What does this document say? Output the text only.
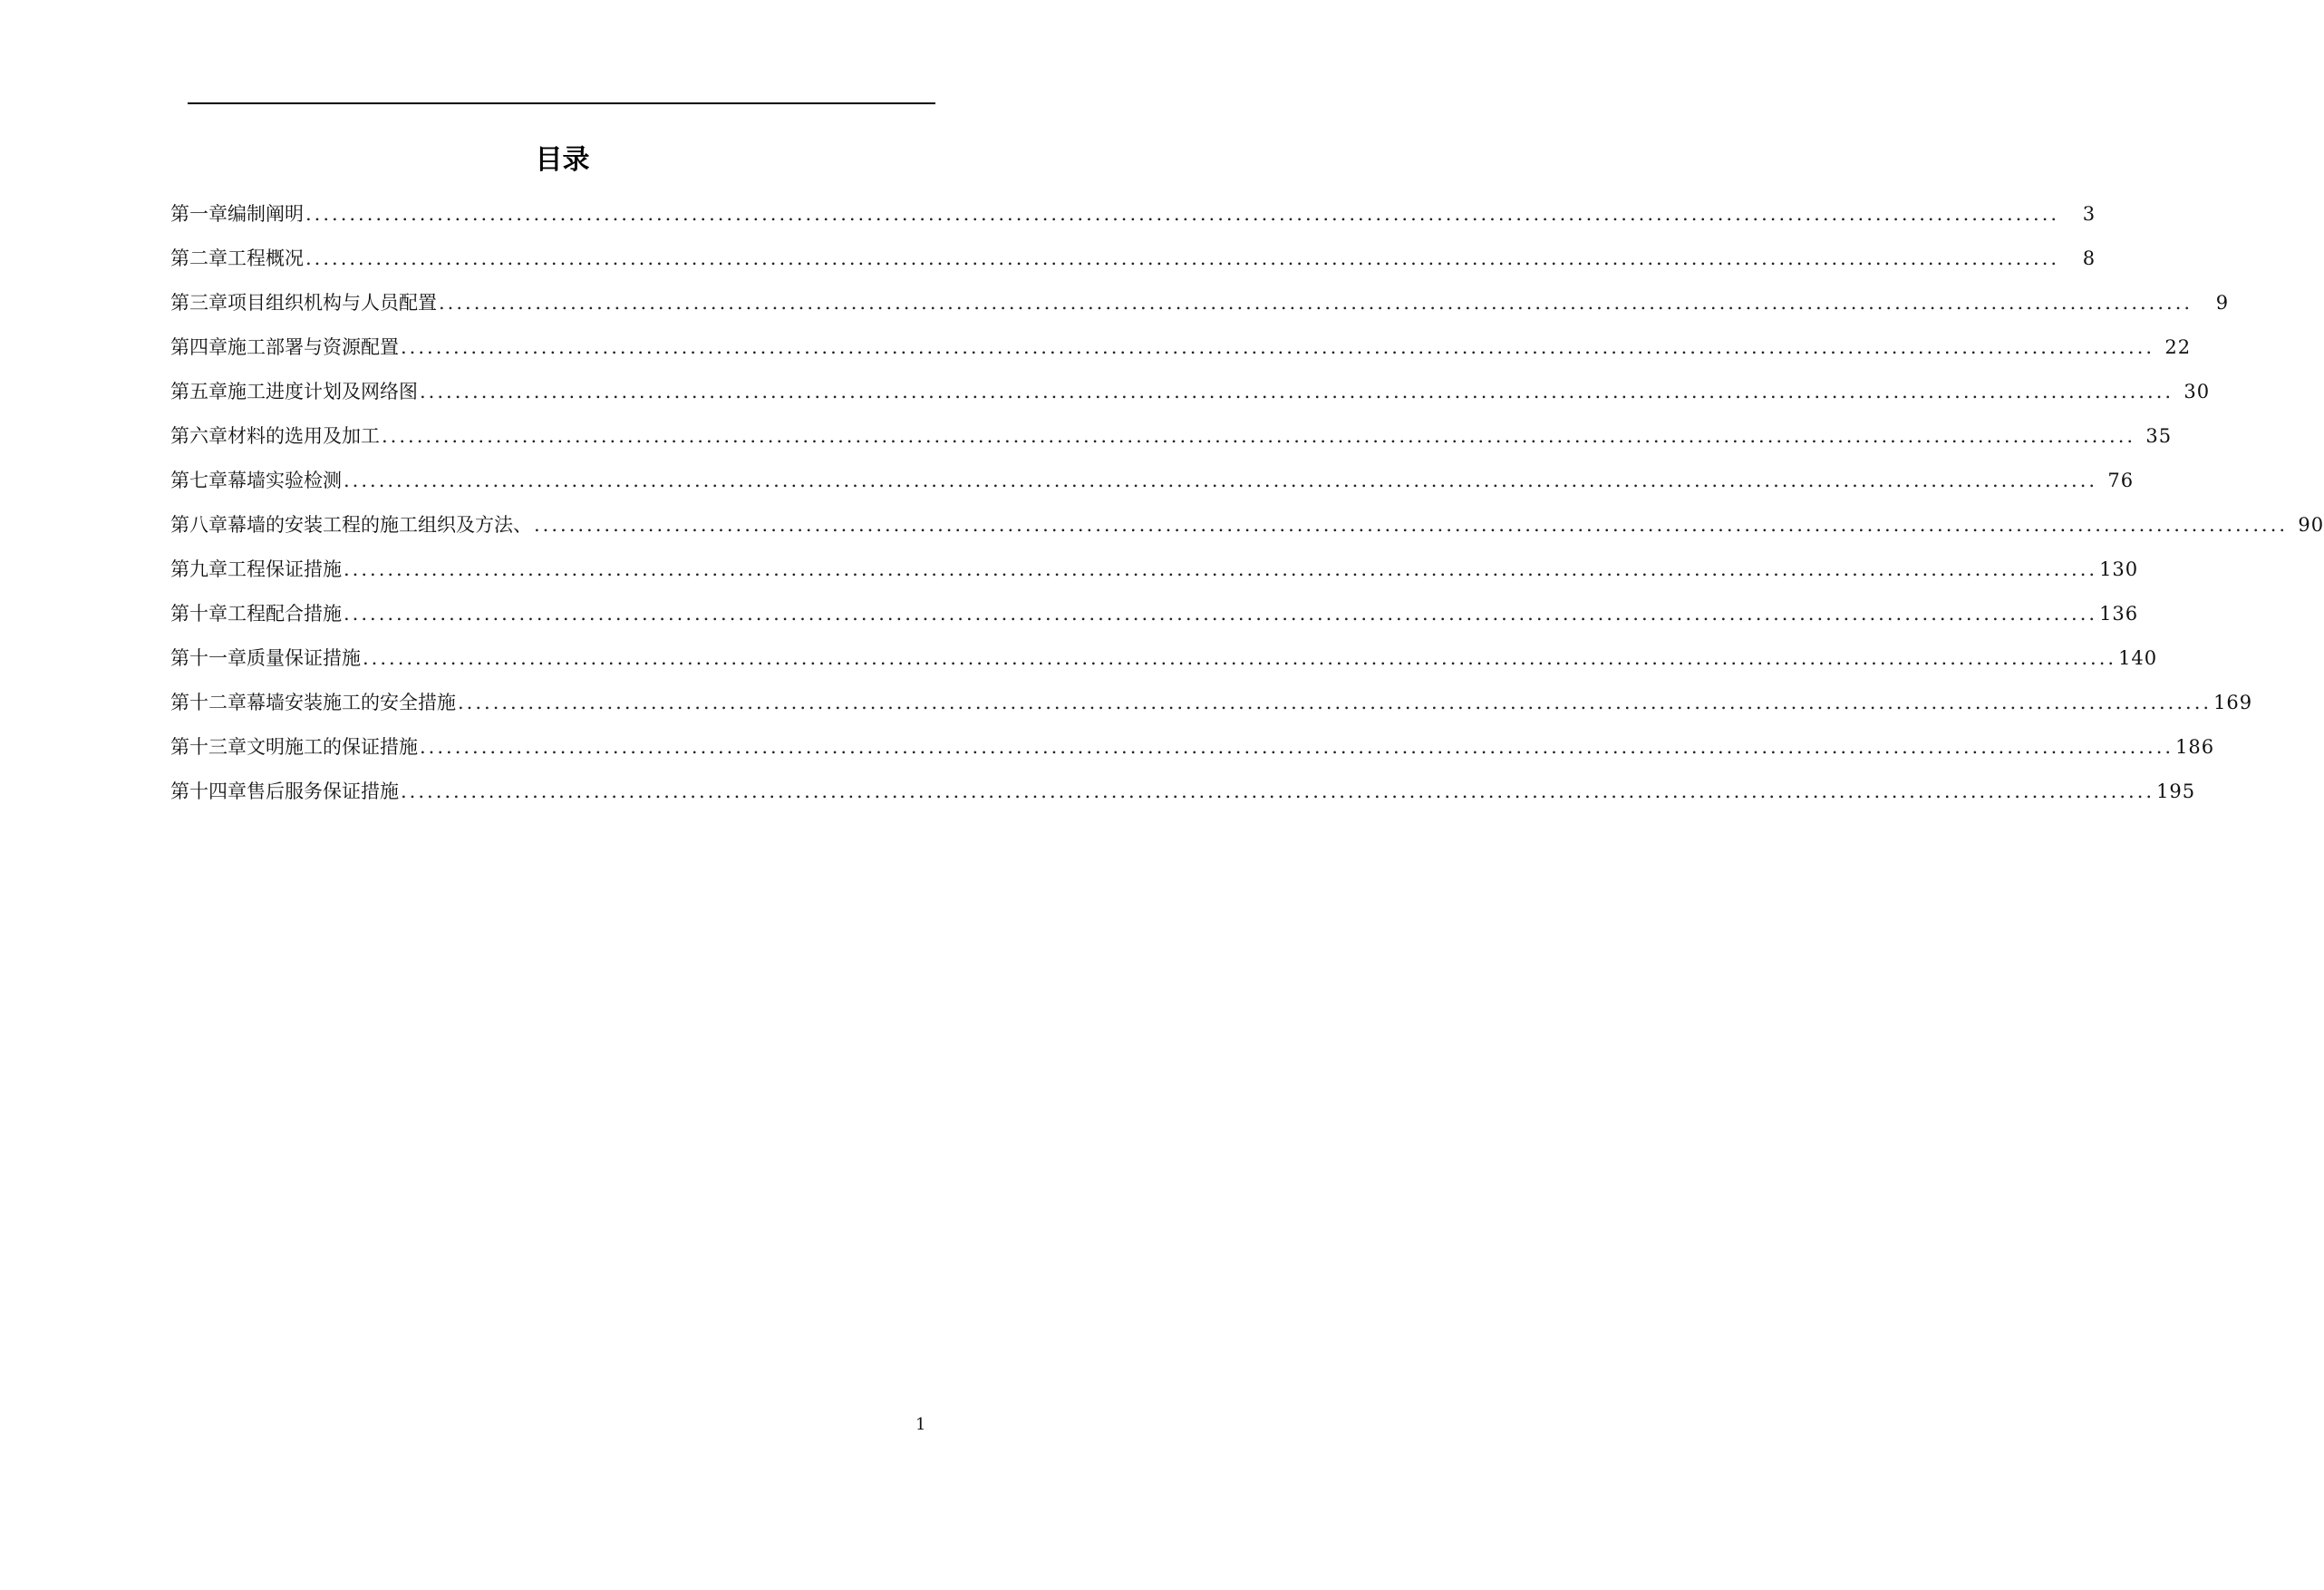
目录
第一章 编制阐明 ........................................................................................................................................................................................................	3
第二章 工程概况 ........................................................................................................................................................................................................	8
第三章 项目组织机构与人员配置 ........................................................................................................................................................................................................	9
第四章 施工部署与资源配置 ........................................................................................................................................................................................................ 22
第五章 施工进度计划及网络图 ........................................................................................................................................................................................................ 30
第六章 材料的选用及加工 ........................................................................................................................................................................................................ 35
第七章 幕墙实验检测 ........................................................................................................................................................................................................ 76
第八章 幕墙的安装工程的施工组织及方法、 ........................................................................................................................................................................................................ 90
第九章 工程保证措施 ........................................................................................................................................................................................................ 130
第十章 工程配合措施 ........................................................................................................................................................................................................ 136
第十一章 质量保证措施 ........................................................................................................................................................................................................ 140
第十二章 幕墙安装施工的安全措施 ........................................................................................................................................................................................................ 169
第十三章 文明施工的保证措施 ........................................................................................................................................................................................................ 186
第十四章 售后服务保证措施 ........................................................................................................................................................................................................ 195
1
